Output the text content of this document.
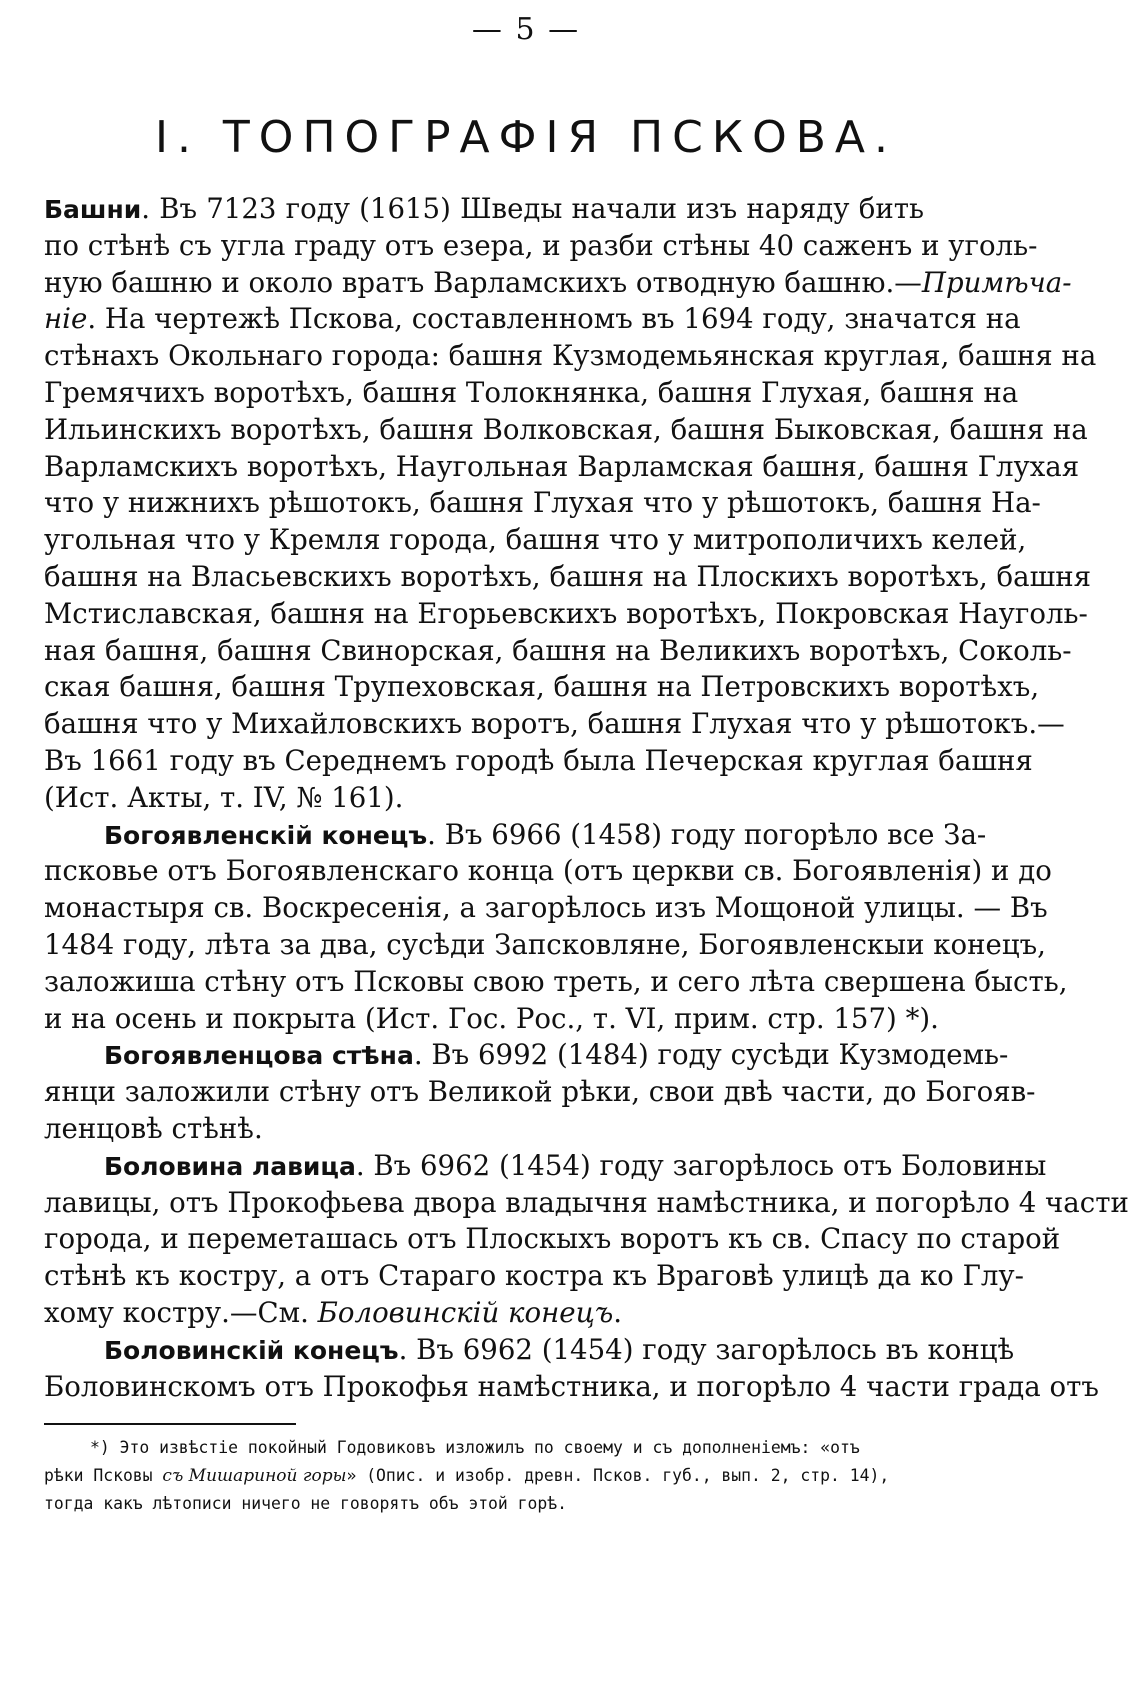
— 5 —
I. ТОПОГРАФІЯ ПСКОВА.
Башни. Въ 7123 году (1615) Шведы начали изъ наряду бить
по стѣнѣ съ угла граду отъ езера, и разби стѣны 40 саженъ и уголь-
ную башню и около вратъ Варламскихъ отводную башню.—Примѣча-
ніе. На чертежѣ Пскова, составленномъ въ 1694 году, значатся на
стѣнахъ Окольнаго города: башня Кузмодемьянская круглая, башня на
Гремячихъ воротѣхъ, башня Толокнянка, башня Глухая, башня на
Ильинскихъ воротѣхъ, башня Волковская, башня Быковская, башня на
Варламскихъ воротѣхъ, Наугольная Варламская башня, башня Глухая
что у нижнихъ рѣшотокъ, башня Глухая что у рѣшотокъ, башня На-
угольная что у Кремля города, башня что у митрополичихъ келей,
башня на Власьевскихъ воротѣхъ, башня на Плоскихъ воротѣхъ, башня
Мстиславская, башня на Егорьевскихъ воротѣхъ, Покровская Науголь-
ная башня, башня Свинорская, башня на Великихъ воротѣхъ, Соколь-
ская башня, башня Трупеховская, башня на Петровскихъ воротѣхъ,
башня что у Михайловскихъ воротъ, башня Глухая что у рѣшотокъ.—
Въ 1661 году въ Середнемъ городѣ была Печерская круглая башня
(Ист. Акты, т. IV, № 161).
Богоявленскій конецъ. Въ 6966 (1458) году погорѣло все За-
псковье отъ Богоявленскаго конца (отъ церкви св. Богоявленія) и до
монастыря св. Воскресенія, а загорѣлось изъ Мощоной улицы. — Въ
1484 году, лѣта за два, сусѣди Запсковляне, Богоявленскыи конецъ,
заложиша стѣну отъ Псковы свою треть, и сего лѣта свершена бысть,
и на осень и покрыта (Ист. Гос. Рос., т. VI, прим. стр. 157) *).
Богоявленцова стѣна. Въ 6992 (1484) году сусѣди Кузмодемь-
янци заложили стѣну отъ Великой рѣки, свои двѣ части, до Богояв-
ленцовѣ стѣнѣ.
Боловина лавица. Въ 6962 (1454) году загорѣлось отъ Боловины
лавицы, отъ Прокофьева двора владычня намѣстника, и погорѣло 4 части
города, и переметашась отъ Плоскыхъ воротъ къ св. Спасу по старой
стѣнѣ къ костру, а отъ Стараго костра къ Враговѣ улицѣ да ко Глу-
хому костру.—См. Боловинскій конецъ.
Боловинскій конецъ. Въ 6962 (1454) году загорѣлось въ концѣ
Боловинскомъ отъ Прокофья намѣстника, и погорѣло 4 части града отъ
*) Это извѣстіе покойный Годовиковъ изложилъ по своему и съ дополненіемъ: «отъ
рѣки Псковы съ Мишариной горы» (Опис. и изобр. древн. Псков. губ., вып. 2, стр. 14),
тогда какъ лѣтописи ничего не говорятъ объ этой горѣ.
